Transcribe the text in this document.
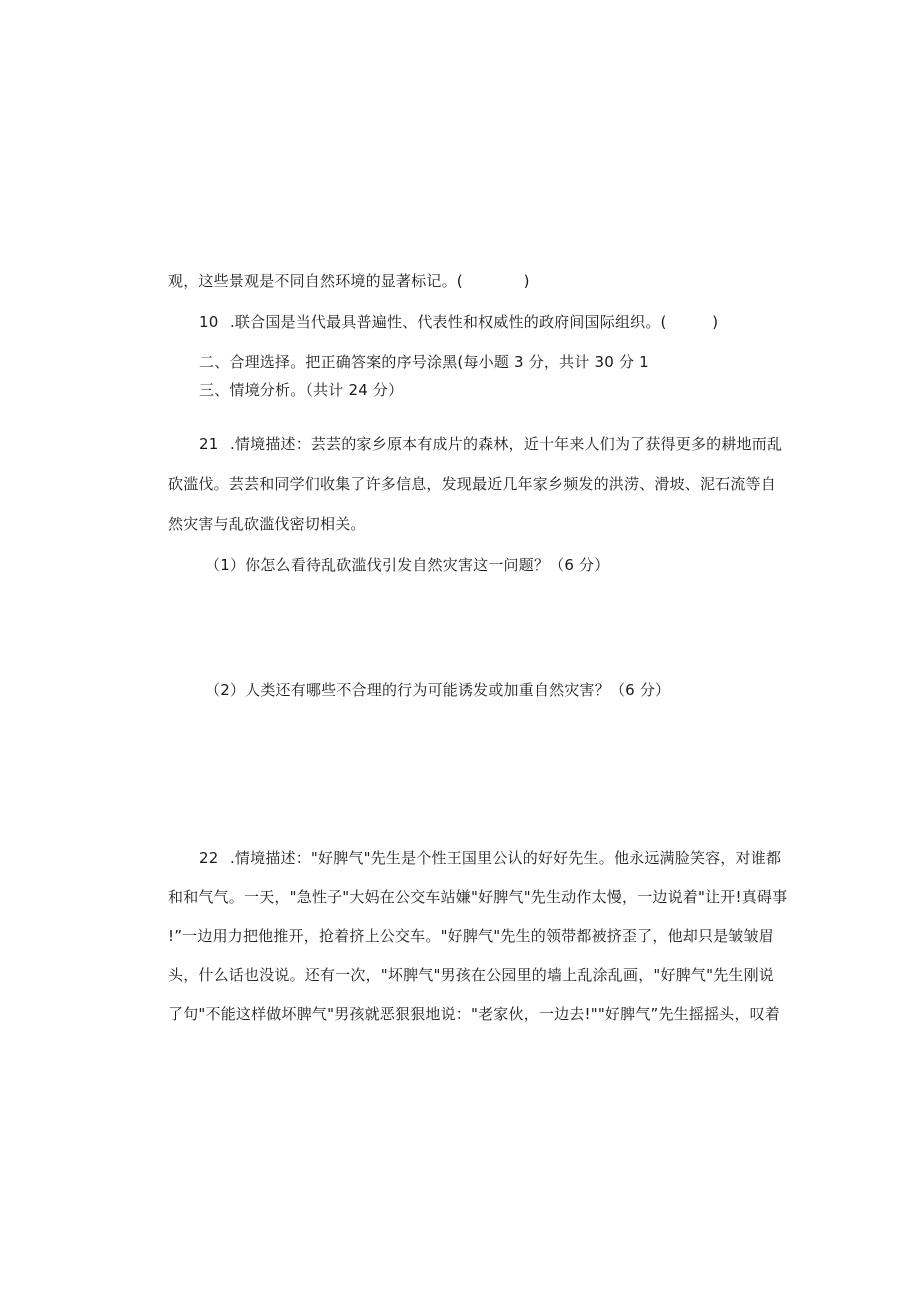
观，这些景观是不同自然环境的显著标记。(　　　　)
10 .联合国是当代最具普遍性、代表性和权威性的政府间国际组织。(　　　)
二、合理选择。把正确答案的序号涂黑(每小题 3 分，共计 30 分 1
三、情境分析。（共计 24 分）
21 .情境描述：芸芸的家乡原本有成片的森林，近十年来人们为了获得更多的耕地而乱
砍滥伐。芸芸和同学们收集了许多信息，发现最近几年家乡频发的洪涝、滑坡、泥石流等自
然灾害与乱砍滥伐密切相关。
（1）你怎么看待乱砍滥伐引发自然灾害这一问题？（6 分）
（2）人类还有哪些不合理的行为可能诱发或加重自然灾害？（6 分）
22 .情境描述："好脾气"先生是个性王国里公认的好好先生。他永远满脸笑容，对谁都
和和气气。一天，"急性子"大妈在公交车站嫌"好脾气"先生动作太慢，一边说着"让开!真碍事
!”一边用力把他推开，抢着挤上公交车。"好脾气"先生的领带都被挤歪了，他却只是皱皱眉
头，什么话也没说。还有一次，"坏脾气"男孩在公园里的墙上乱涂乱画，"好脾气"先生刚说
了句"不能这样做坏脾气"男孩就恶狠狠地说："老家伙，一边去!""好脾气”先生摇摇头，叹着
